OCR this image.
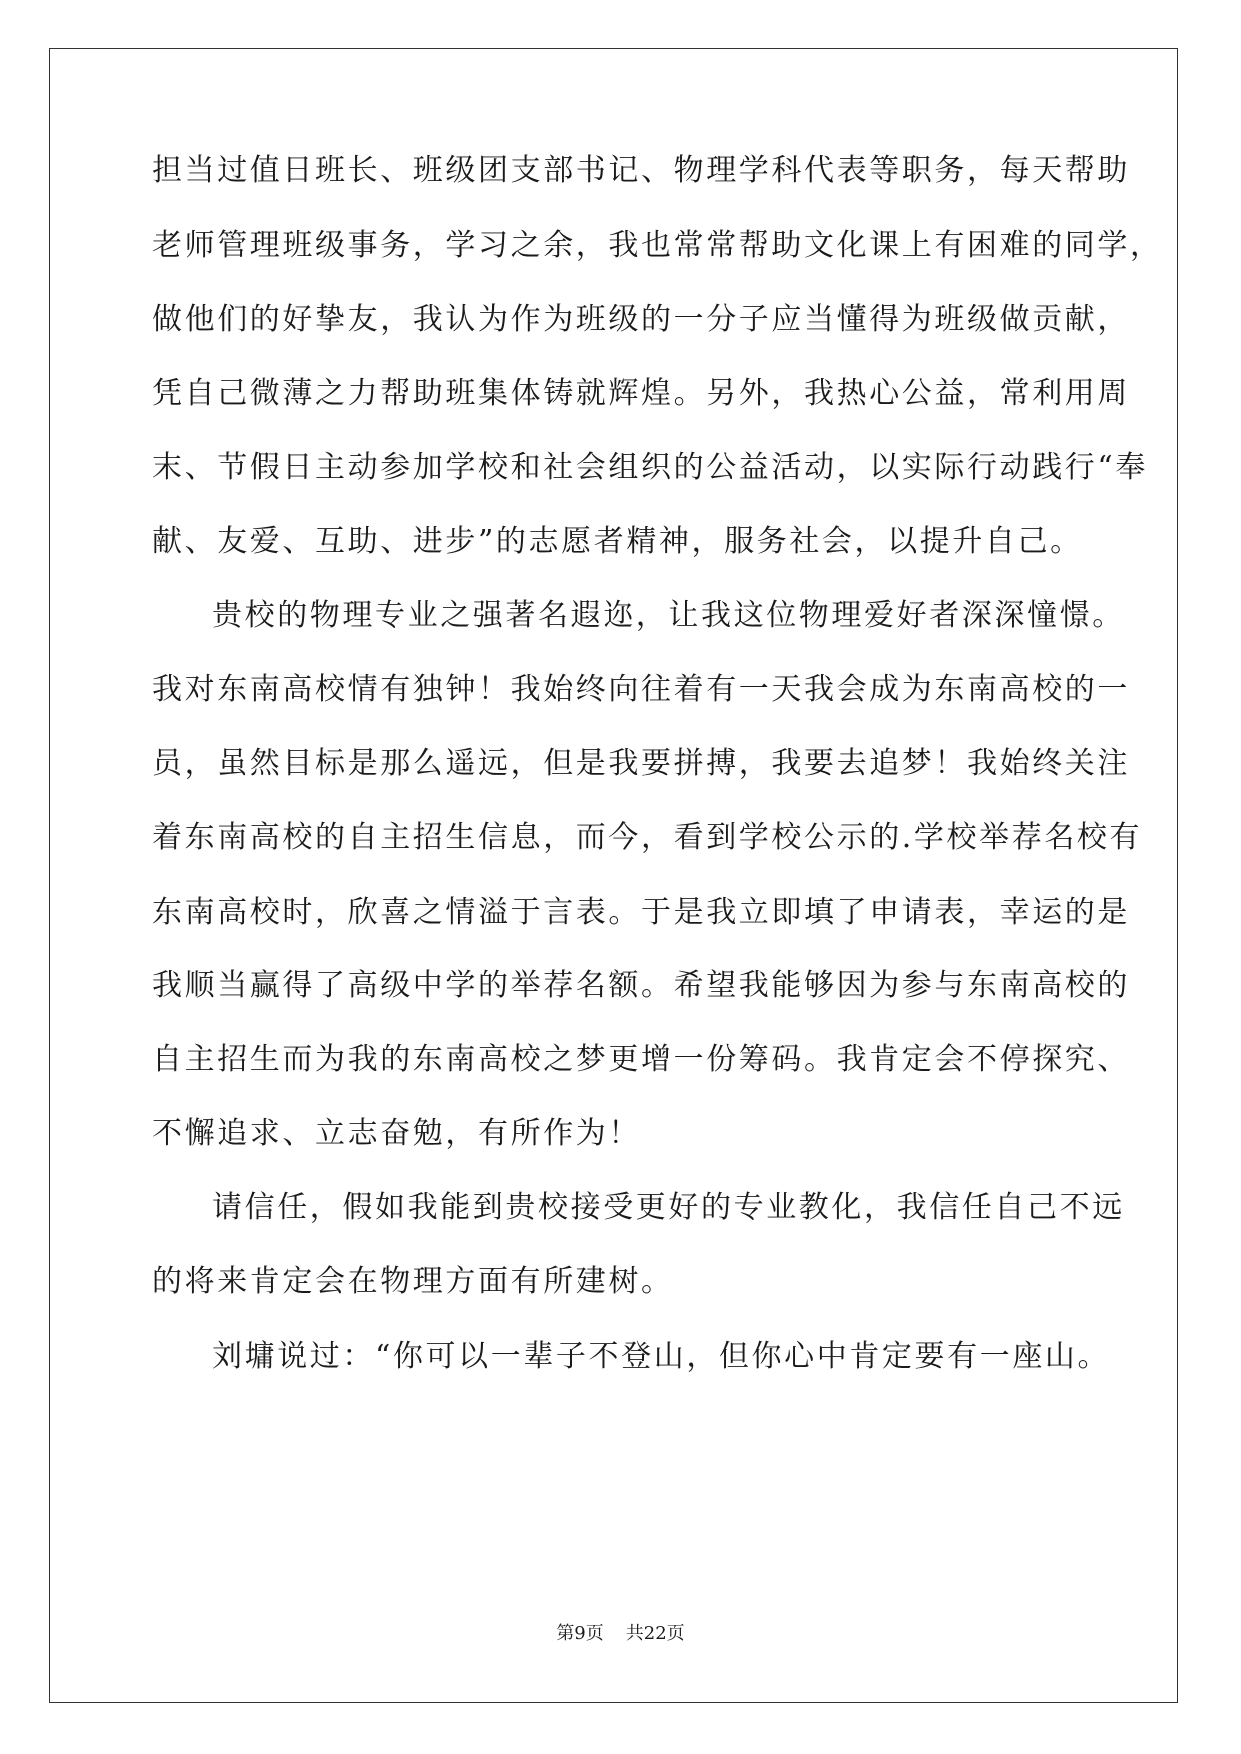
担当过值日班长、班级团支部书记、物理学科代表等职务，每天帮助
老师管理班级事务，学习之余，我也常常帮助文化课上有困难的同学，
做他们的好挚友，我认为作为班级的一分子应当懂得为班级做贡献，
凭自己微薄之力帮助班集体铸就辉煌。另外，我热心公益，常利用周
末、节假日主动参加学校和社会组织的公益活动，以实际行动践行“奉
献、友爱、互助、进步”的志愿者精神，服务社会，以提升自己。
贵校的物理专业之强著名遐迩，让我这位物理爱好者深深憧憬。
我对东南高校情有独钟！我始终向往着有一天我会成为东南高校的一
员，虽然目标是那么遥远，但是我要拼搏，我要去追梦！我始终关注
着东南高校的自主招生信息，而今，看到学校公示的.学校举荐名校有
东南高校时，欣喜之情溢于言表。于是我立即填了申请表，幸运的是
我顺当赢得了高级中学的举荐名额。希望我能够因为参与东南高校的
自主招生而为我的东南高校之梦更增一份筹码。我肯定会不停探究、
不懈追求、立志奋勉，有所作为！
请信任，假如我能到贵校接受更好的专业教化，我信任自己不远
的将来肯定会在物理方面有所建树。
刘墉说过：“你可以一辈子不登山，但你心中肯定要有一座山。
第9页 共22页
